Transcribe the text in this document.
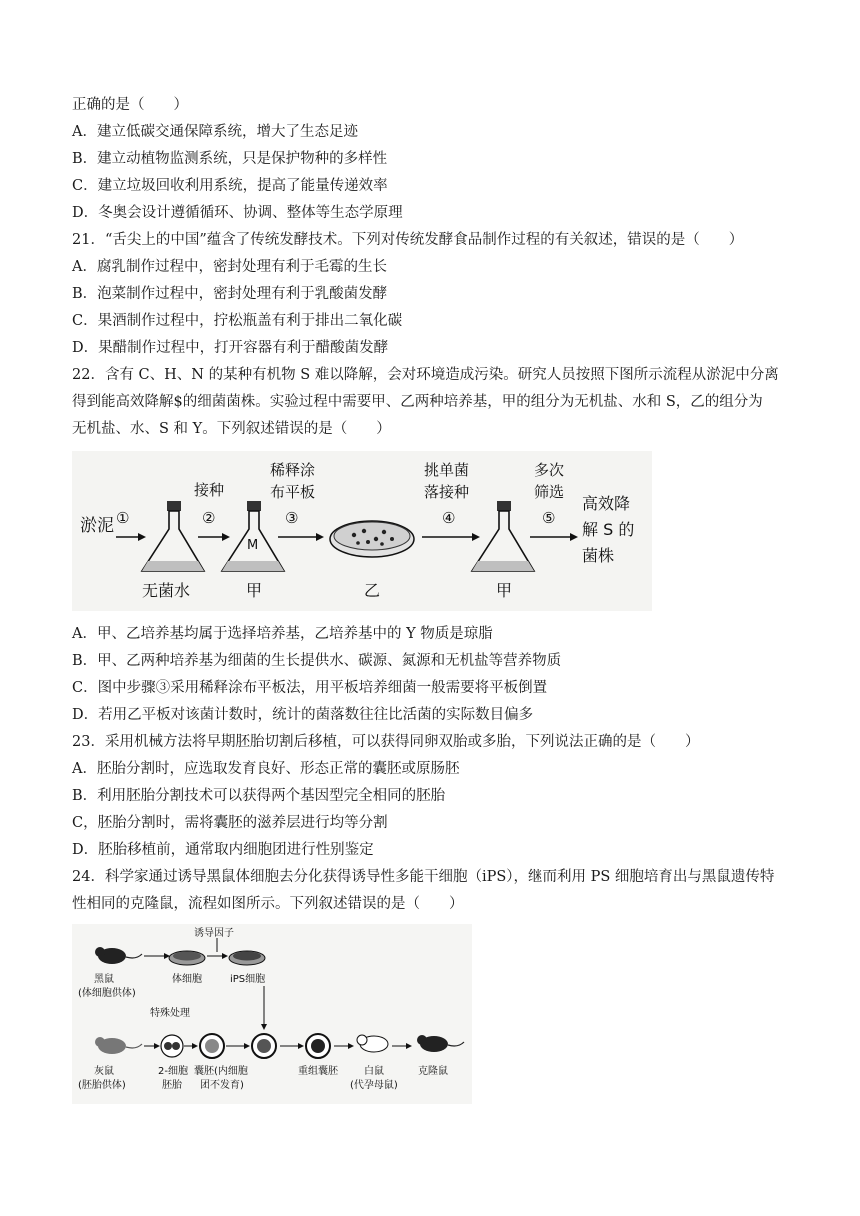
正确的是（　　）
A．建立低碳交通保障系统，增大了生态足迹
B．建立动植物监测系统，只是保护物种的多样性
C．建立垃圾回收利用系统，提高了能量传递效率
D．冬奥会设计遵循循环、协调、整体等生态学原理
21．“舌尖上的中国”蕴含了传统发酵技术。下列对传统发酵食品制作过程的有关叙述，错误的是（　　）
A．腐乳制作过程中，密封处理有利于毛霉的生长
B．泡菜制作过程中，密封处理有利于乳酸菌发酵
C．果酒制作过程中，拧松瓶盖有利于排出二氧化碳
D．果醋制作过程中，打开容器有利于醋酸菌发酵
22．含有 C、H、N 的某种有机物 S 难以降解，会对环境造成污染。研究人员按照下图所示流程从淤泥中分离
得到能高效降解$的细菌菌株。实验过程中需要甲、乙两种培养基，甲的组分为无机盐、水和 S，乙的组分为
无机盐、水、S 和 Y。下列叙述错误的是（　　）
淤泥 ①
无菌水
接种
②
M
甲
稀释涂
布平板
③
乙
挑单菌
落接种
④
甲
多次
筛选
⑤
高效降
解 S 的
菌株
A．甲、乙培养基均属于选择培养基，乙培养基中的 Y 物质是琼脂
B．甲、乙两种培养基为细菌的生长提供水、碳源、氮源和无机盐等营养物质
C．图中步骤③采用稀释涂布平板法，用平板培养细菌一般需要将平板倒置
D．若用乙平板对该菌计数时，统计的菌落数往往比活菌的实际数目偏多
23．采用机械方法将早期胚胎切割后移植，可以获得同卵双胎或多胎，下列说法正确的是（　　）
A．胚胎分割时，应选取发育良好、形态正常的囊胚或原肠胚
B．利用胚胎分割技术可以获得两个基因型完全相同的胚胎
C，胚胎分割时，需将囊胚的滋养层进行均等分割
D．胚胎移植前，通常取内细胞团进行性别鉴定
24．科学家通过诱导黑鼠体细胞去分化获得诱导性多能干细胞（iPS），继而利用 PS 细胞培育出与黑鼠遗传特
性相同的克隆鼠，流程如图所示。下列叙述错误的是（　　）
诱导因子
黑鼠
(体细胞供体)
体细胞	iPS细胞
特殊处理
灰鼠
(胚胎供体)
2-细胞
胚胎
囊胚(内细胞
团不发育)
重组囊胚	白鼠
(代孕母鼠)
克隆鼠
